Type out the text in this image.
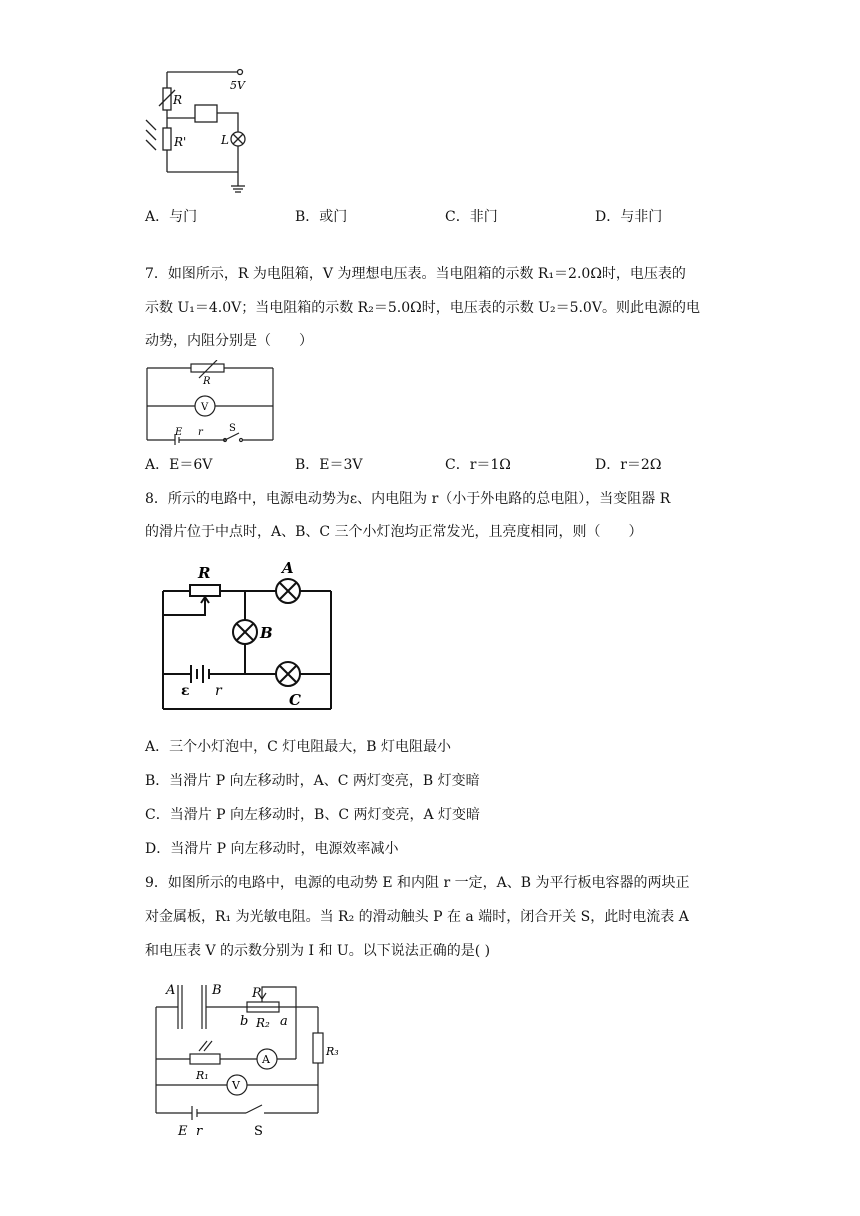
5V
R
R'	L
A．与门	B．或门	C．非门	D．与非门
7．如图所示，R 为电阻箱，V 为理想电压表。当电阻箱的示数 R₁＝2.0Ω时，电压表的
示数 U₁＝4.0V；当电阻箱的示数 R₂＝5.0Ω时，电压表的示数 U₂＝5.0V。则此电源的电
动势，内阻分别是（　　）
R
V
E r	S
A．E＝6V	B．E＝3V	C．r＝1Ω	D．r＝2Ω
8．所示的电路中，电源电动势为ε、内电阻为 r（小于外电路的总电阻），当变阻器 R
的滑片位于中点时，A、B、C 三个小灯泡均正常发光，且亮度相同，则（　　）
R	A
B
C
ε r
A．三个小灯泡中，C 灯电阻最大，B 灯电阻最小
B．当滑片 P 向左移动时，A、C 两灯变亮，B 灯变暗
C．当滑片 P 向左移动时，B、C 两灯变亮，A 灯变暗
D．当滑片 P 向左移动时，电源效率减小
9．如图所示的电路中，电源的电动势 E 和内阻 r 一定，A、B 为平行板电容器的两块正
对金属板，R₁ 为光敏电阻。当 R₂ 的滑动触头 P 在 a 端时，闭合开关 S，此时电流表 A
和电压表 V 的示数分别为 I 和 U。以下说法正确的是( )
A	B P
b R₂ a
R₃
R₁
A
V
E r	S
